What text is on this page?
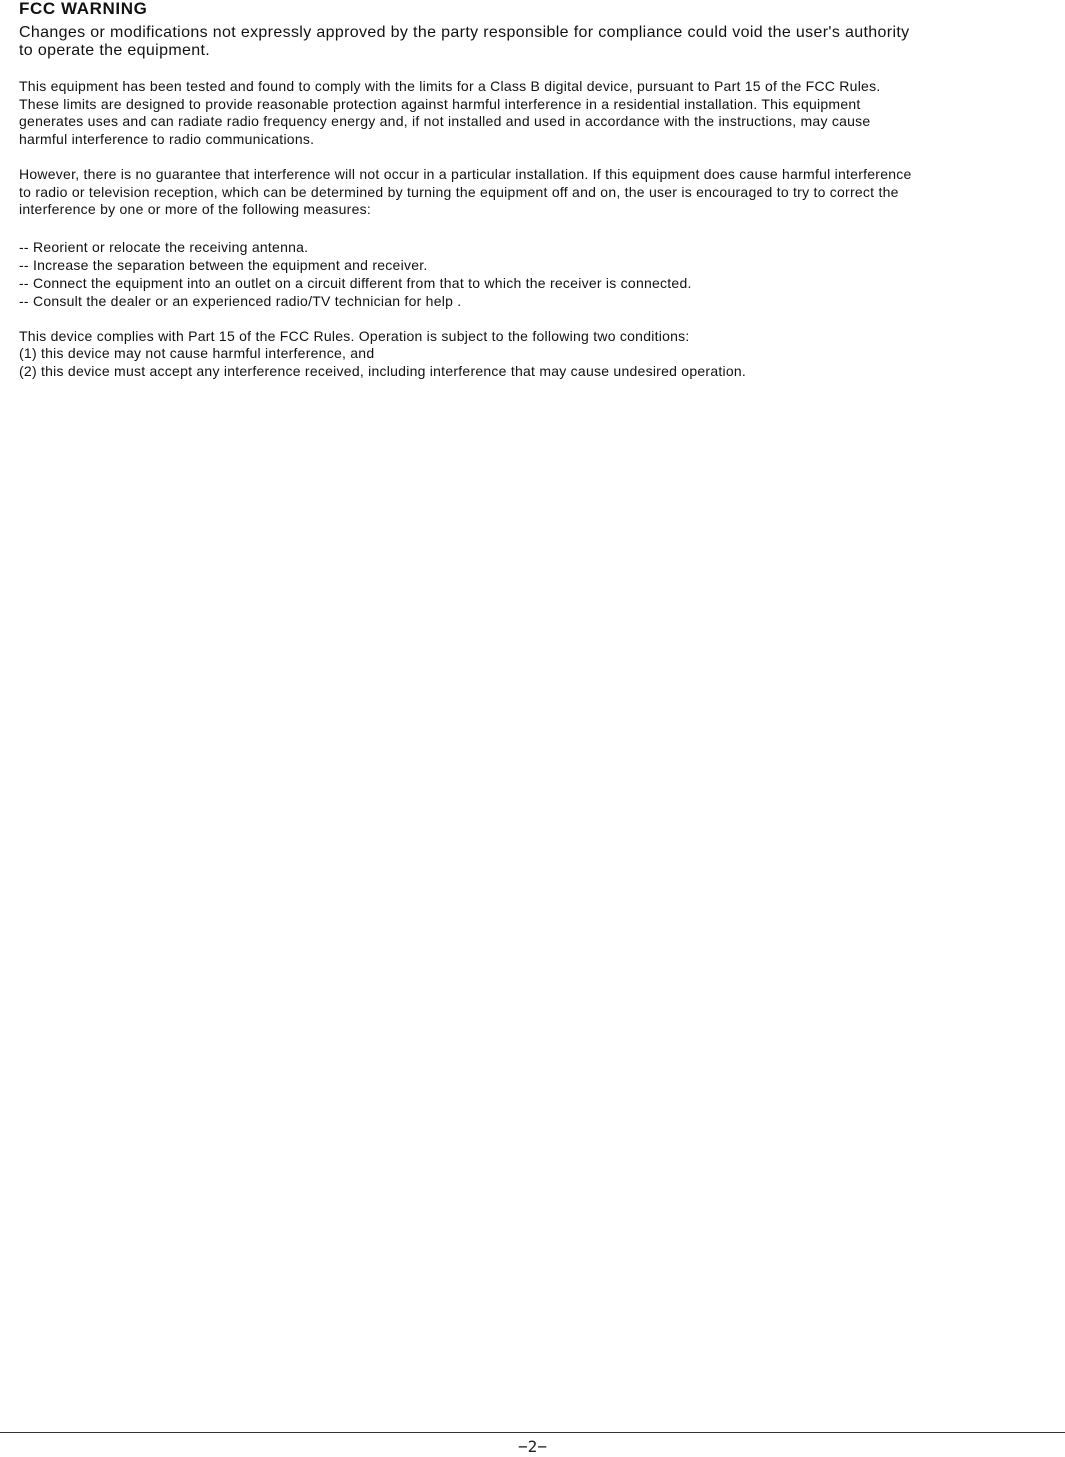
FCC WARNING

Changes or modifications not expressly approved by the party responsible for compliance could void the user's authority
to operate the equipment.

This equipment has been tested and found to comply with the limits for a Class B digital device, pursuant to Part 15 of the FCC Rules.
These limits are designed to provide reasonable protection against harmful interference in a residential installation. This equipment
generates uses and can radiate radio frequency energy and, if not installed and used in accordance with the instructions, may cause
harmful interference to radio communications.

However, there is no guarantee that interference will not occur in a particular installation. If this equipment does cause harmful interference
to radio or television reception, which can be determined by turning the equipment off and on, the user is encouraged to try to correct the
interference by one or more of the following measures:

-- Reorient or relocate the receiving antenna.
-- Increase the separation between the equipment and receiver.
-- Connect the equipment into an outlet on a circuit different from that to which the receiver is connected.
-- Consult the dealer or an experienced radio/TV technician for help .

This device complies with Part 15 of the FCC Rules. Operation is subject to the following two conditions:
(1) this device may not cause harmful interference, and
(2) this device must accept any interference received, including interference that may cause undesired operation.

−2−
